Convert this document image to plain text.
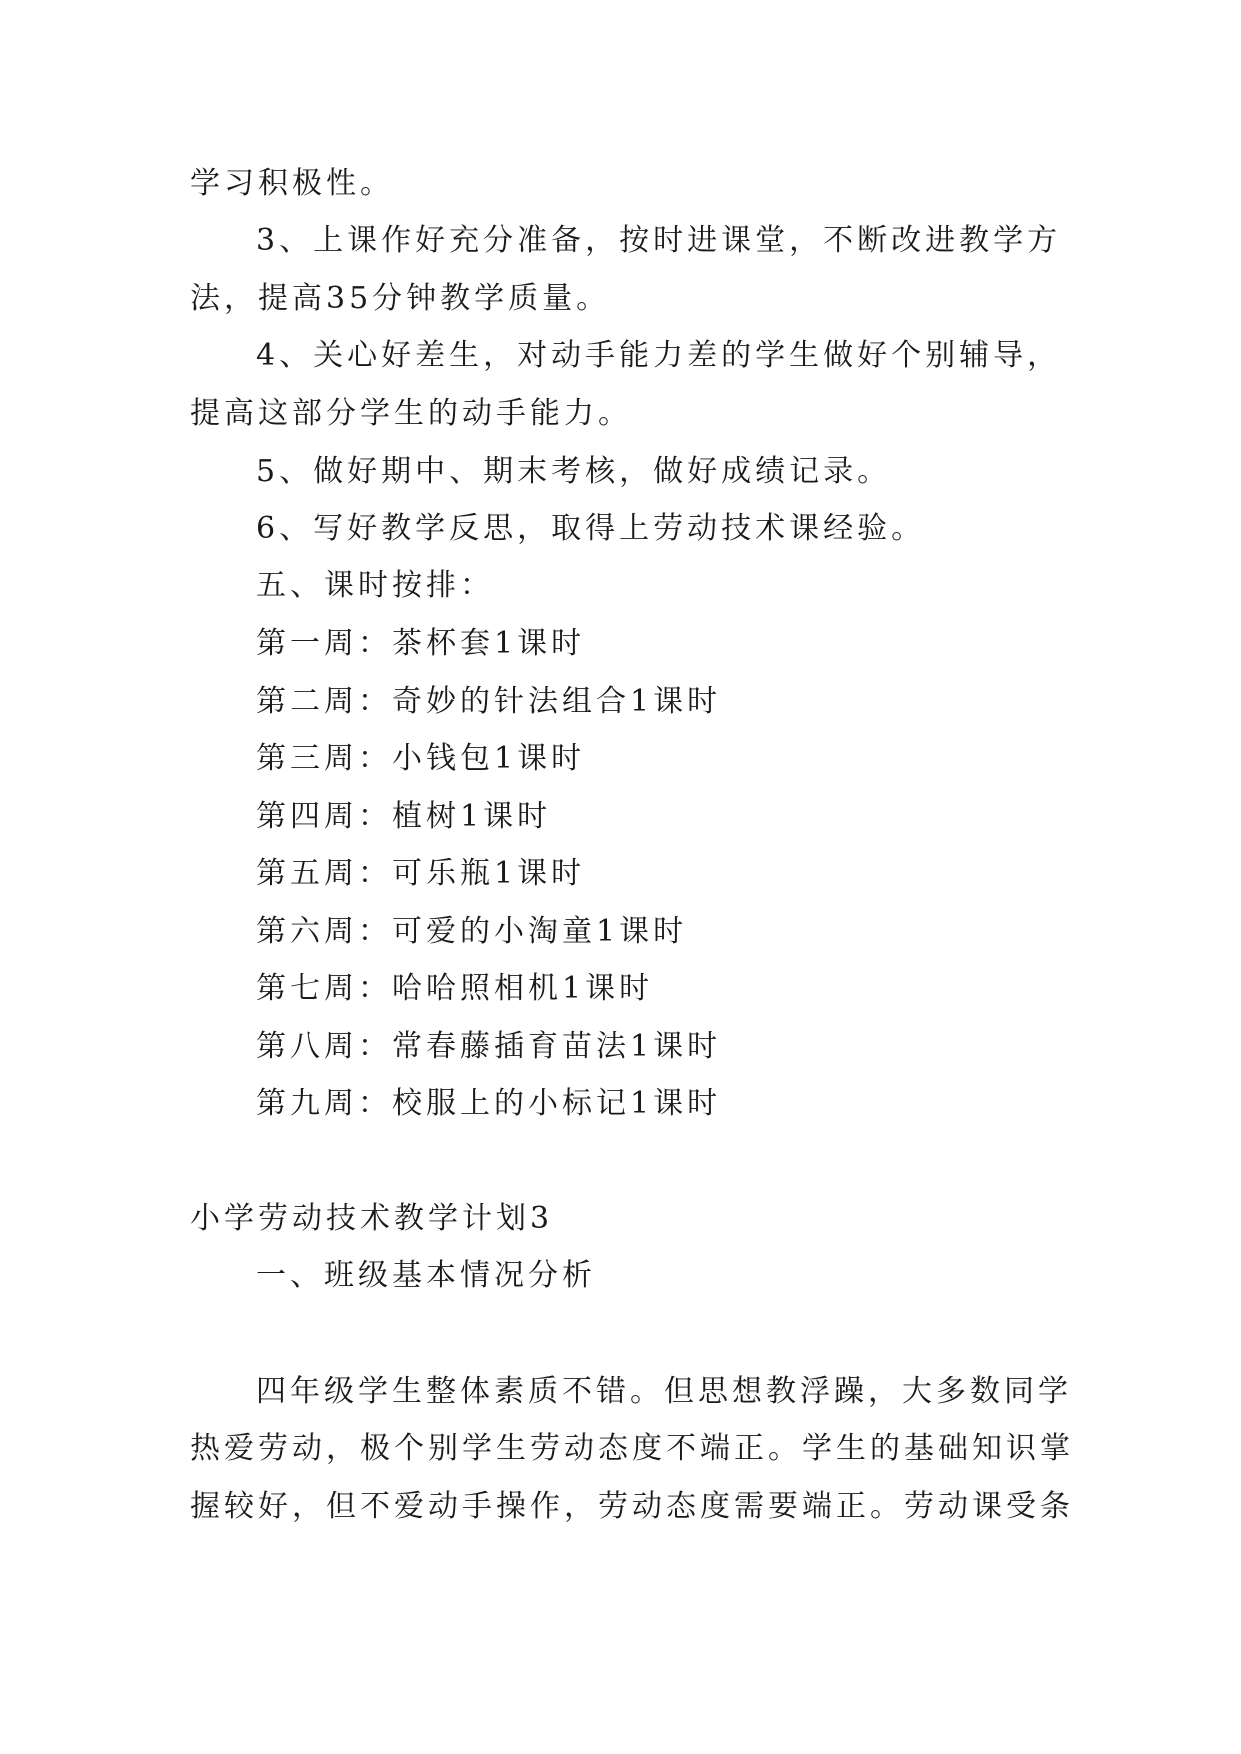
学习积极性。
3、上课作好充分准备，按时进课堂，不断改进教学方
法，提高35分钟教学质量。
4、关心好差生，对动手能力差的学生做好个别辅导，
提高这部分学生的动手能力。
5、做好期中、期末考核，做好成绩记录。
6、写好教学反思，取得上劳动技术课经验。
五、课时按排：
第一周：茶杯套1课时
第二周：奇妙的针法组合1课时
第三周：小钱包1课时
第四周：植树1课时
第五周：可乐瓶1课时
第六周：可爱的小淘童1课时
第七周：哈哈照相机1课时
第八周：常春藤插育苗法1课时
第九周：校服上的小标记1课时
小学劳动技术教学计划3
一、班级基本情况分析
四年级学生整体素质不错。但思想教浮躁，大多数同学
热爱劳动，极个别学生劳动态度不端正。学生的基础知识掌
握较好，但不爱动手操作，劳动态度需要端正。劳动课受条
